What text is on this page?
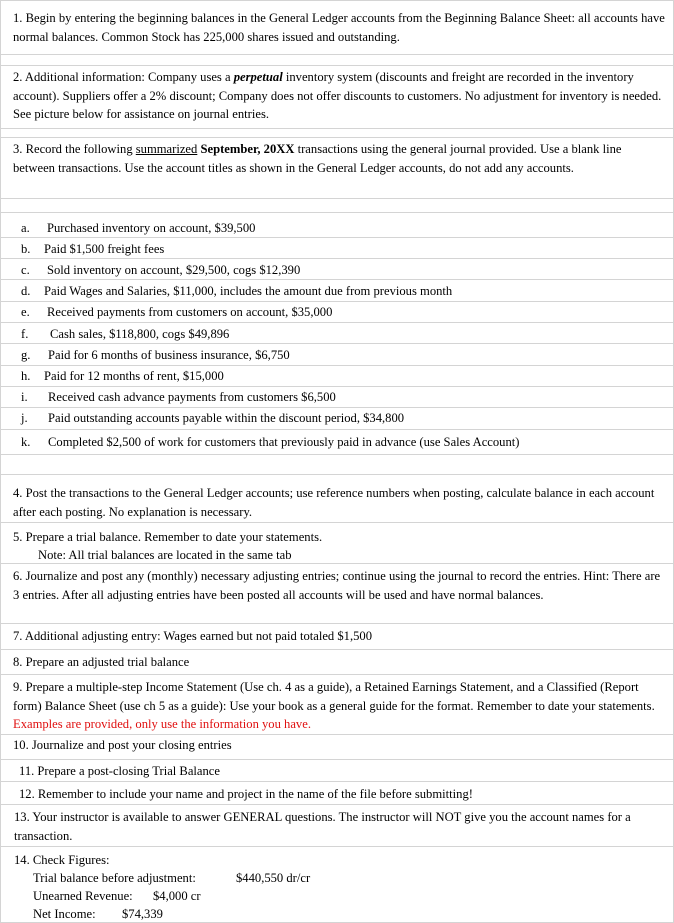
1. Begin by entering the beginning balances in the General Ledger accounts from the Beginning Balance Sheet: all accounts have normal balances. Common Stock has 225,000 shares issued and outstanding.
2. Additional information: Company uses a perpetual inventory system (discounts and freight are recorded in the inventory account). Suppliers offer a 2% discount; Company does not offer discounts to customers. No adjustment for inventory is needed. See picture below for assistance on journal entries.
3. Record the following summarized September, 20XX transactions using the general journal provided. Use a blank line between transactions. Use the account titles as shown in the General Ledger accounts, do not add any accounts.
a. Purchased inventory on account, $39,500
b. Paid $1,500 freight fees
c. Sold inventory on account, $29,500, cogs $12,390
d. Paid Wages and Salaries, $11,000, includes the amount due from previous month
e. Received payments from customers on account, $35,000
f. Cash sales, $118,800, cogs $49,896
g. Paid for 6 months of business insurance, $6,750
h. Paid for 12 months of rent, $15,000
i. Received cash advance payments from customers $6,500
j. Paid outstanding accounts payable within the discount period, $34,800
k. Completed $2,500 of work for customers that previously paid in advance (use Sales Account)
4. Post the transactions to the General Ledger accounts; use reference numbers when posting, calculate balance in each account after each posting. No explanation is necessary.
5. Prepare a trial balance. Remember to date your statements.
Note: All trial balances are located in the same tab
6. Journalize and post any (monthly) necessary adjusting entries; continue using the journal to record the entries. Hint: There are 3 entries. After all adjusting entries have been posted all accounts will be used and have normal balances.
7. Additional adjusting entry: Wages earned but not paid totaled $1,500
8. Prepare an adjusted trial balance
9. Prepare a multiple-step Income Statement (Use ch. 4 as a guide), a Retained Earnings Statement, and a Classified (Report form) Balance Sheet (use ch 5 as a guide): Use your book as a general guide for the format. Remember to date your statements. Examples are provided, only use the information you have.
10. Journalize and post your closing entries
11. Prepare a post-closing Trial Balance
12. Remember to include your name and project in the name of the file before submitting!
13. Your instructor is available to answer GENERAL questions. The instructor will NOT give you the account names for a transaction.
14. Check Figures:
Trial balance before adjustment:	$440,550 dr/cr
Unearned Revenue: $4,000 cr
Net Income: $74,339
